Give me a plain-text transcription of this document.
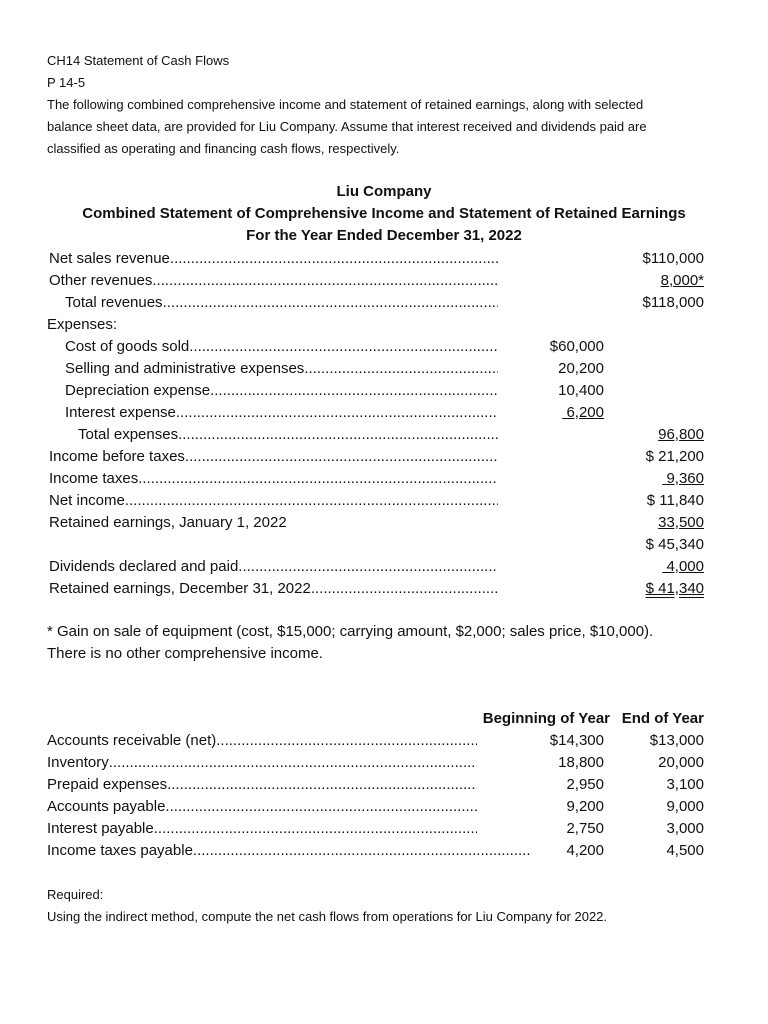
CH14 Statement of Cash Flows
P 14-5
The following combined comprehensive income and statement of retained earnings, along with selected
balance sheet data, are provided for Liu Company. Assume that interest received and dividends paid are
classified as operating and financing cash flows, respectively.
Liu Company
Combined Statement of Comprehensive Income and Statement of Retained Earnings
For the Year Ended December 31, 2022
Net sales revenue .....	$110,000
Other revenues .....	8,000*
Total revenues .....	$118,000
Expenses:
Cost of goods sold .....	$60,000
Selling and administrative expenses .....	20,200
Depreciation expense .....	10,400
Interest expense .....	6,200
Total expenses .....	96,800
Income before taxes .....	$ 21,200
Income taxes .....	9,360
Net income .....	$ 11,840
Retained earnings, January 1, 2022	33,500
$ 45,340
Dividends declared and paid .....	4,000
Retained earnings, December 31, 2022 .....	$ 41,340
* Gain on sale of equipment (cost, $15,000; carrying amount, $2,000; sales price, $10,000).
There is no other comprehensive income.
Beginning of Year End of Year
Accounts receivable (net) .....	$14,300	$13,000
Inventory .....	18,800	20,000
Prepaid expenses .....	2,950	3,100
Accounts payable .....	9,200	9,000
Interest payable .....	2,750	3,000
Income taxes payable .....	4,200	4,500
Required:
Using the indirect method, compute the net cash flows from operations for Liu Company for 2022.
